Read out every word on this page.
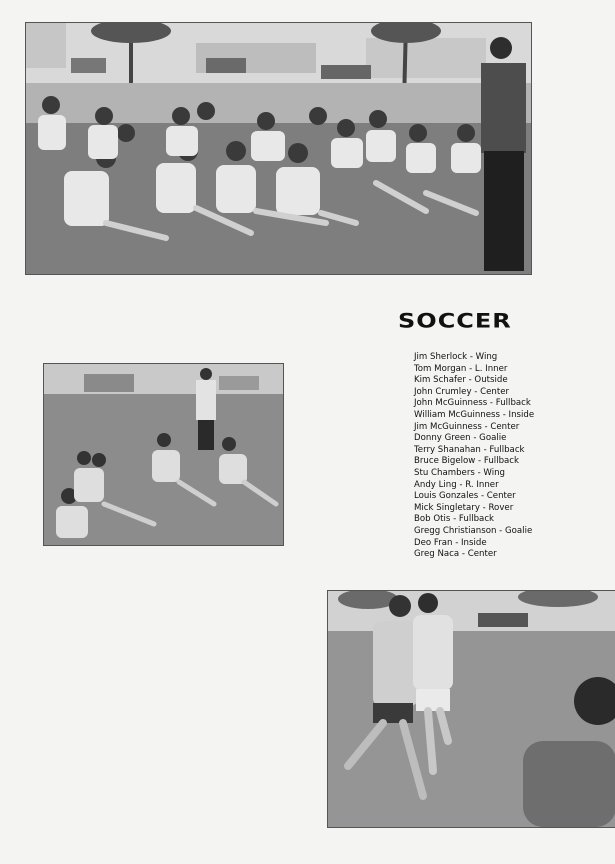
SOCCER
Jim Sherlock - Wing
Tom Morgan - L. Inner
Kim Schafer - Outside
John Crumley - Center
John McGuinness - Fullback
William McGuinness - Inside
Jim McGuinness - Center
Donny Green - Goalie
Terry Shanahan - Fullback
Bruce Bigelow - Fullback
Stu Chambers - Wing
Andy Ling - R. Inner
Louis Gonzales - Center
Mick Singletary - Rover
Bob Otis - Fullback
Gregg Christianson - Goalie
Deo Fran - Inside
Greg Naca - Center
